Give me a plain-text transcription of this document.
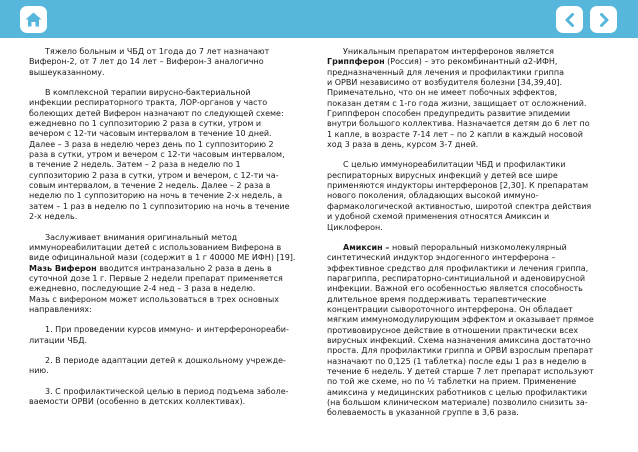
Тяжело больным и ЧБД от 1года до 7 лет назначают
Виферон-2, от 7 лет до 14 лет – Виферон-3 аналогично
вышеуказанному.

В комплексной терапии вирусно-бактериальной
инфекции респираторного тракта, ЛОР-органов у часто
болеющих детей Виферон назначают по следующей схеме:
ежедневно по 1 суппозиторию 2 раза в сутки, утром и
вечером с 12-ти часовым интервалом в течение 10 дней.
Далее – 3 раза в неделю через день по 1 суппозиторию 2
раза в сутки, утром и вечером с 12-ти часовым интервалом,
в течение 2 недель. Затем – 2 раза в неделю по 1
суппозиторию 2 раза в сутки, утром и вечером, с 12-ти ча-
совым интервалом, в течение 2 недель. Далее – 2 раза в
неделю по 1 суппозиторию на ночь в течение 2-х недель, а
затем – 1 раз в неделю по 1 суппозиторию на ночь в течение
2-х недель.

Заслуживает внимания оригинальный метод
иммунореабилитации детей с использованием Виферона в
виде официнальной мази (содержит в 1 г 40000 МЕ ИФН) [19].
Мазь Виферон вводится интраназально 2 раза в день в
суточной дозе 1 г. Первые 2 недели препарат применяется
ежедневно, последующие 2-4 нед – 3 раза в неделю.
Мазь с вифероном может использоваться в трех основных
направлениях:

1. При проведении курсов иммуно- и интерферонореаби-
литации ЧБД.

2. В периоде адаптации детей к дошкольному учрежде-
нию.

3. С профилактической целью в период подъема заболе-
ваемости ОРВИ (особенно в детских коллективах).

Уникальным препаратом интерферонов является
Гриппферон (Россия) – это рекомбинантный α2-ИФН,
предназначенный для лечения и профилактики гриппа
и ОРВИ независимо от возбудителя болезни [34,39,40].
Примечательно, что он не имеет побочных эффектов,
показан детям с 1-го года жизни, защищает от осложнений.
Гриппферон способен предупредить развитие эпидемии
внутри большого коллектива. Назначается детям до 6 лет по
1 капле, в возрасте 7-14 лет – по 2 капли в каждый носовой
ход 3 раза в день, курсом 3-7 дней.

С целью иммунореабилитации ЧБД и профилактики
респираторных вирусных инфекций у детей все шире
применяются индукторы интерферонов [2,30]. К препаратам
нового поколения, обладающих высокой иммуно-
фармакологической активностью, широтой спектра действия
и удобной схемой применения относятся Амиксин и
Циклоферон.

Амиксин – новый пероральный низкомолекулярный
синтетический индуктор эндогенного интерферона –
эффективное средство для профилактики и лечения гриппа,
парагриппа, респираторно-синтициальной и аденовирусной
инфекции. Важной его особенностью является способность
длительное время поддерживать терапевтические
концентрации сывороточного интерферона. Он обладает
мягким иммуномодулирующим эффектом и оказывает прямое
противовирусное действие в отношении практически всех
вирусных инфекций. Схема назначения амиксина достаточно
проста. Для профилактики гриппа и ОРВИ взрослым препарат
назначают по 0,125 (1 таблетка) после еды 1 раз в неделю в
течение 6 недель. У детей старше 7 лет препарат используют
по той же схеме, но по ½ таблетки на прием. Применение
амиксина у медицинских работников с целью профилактики
(на большом клиническом материале) позволило снизить за-
болеваемость в указанной группе в 3,6 раза.
